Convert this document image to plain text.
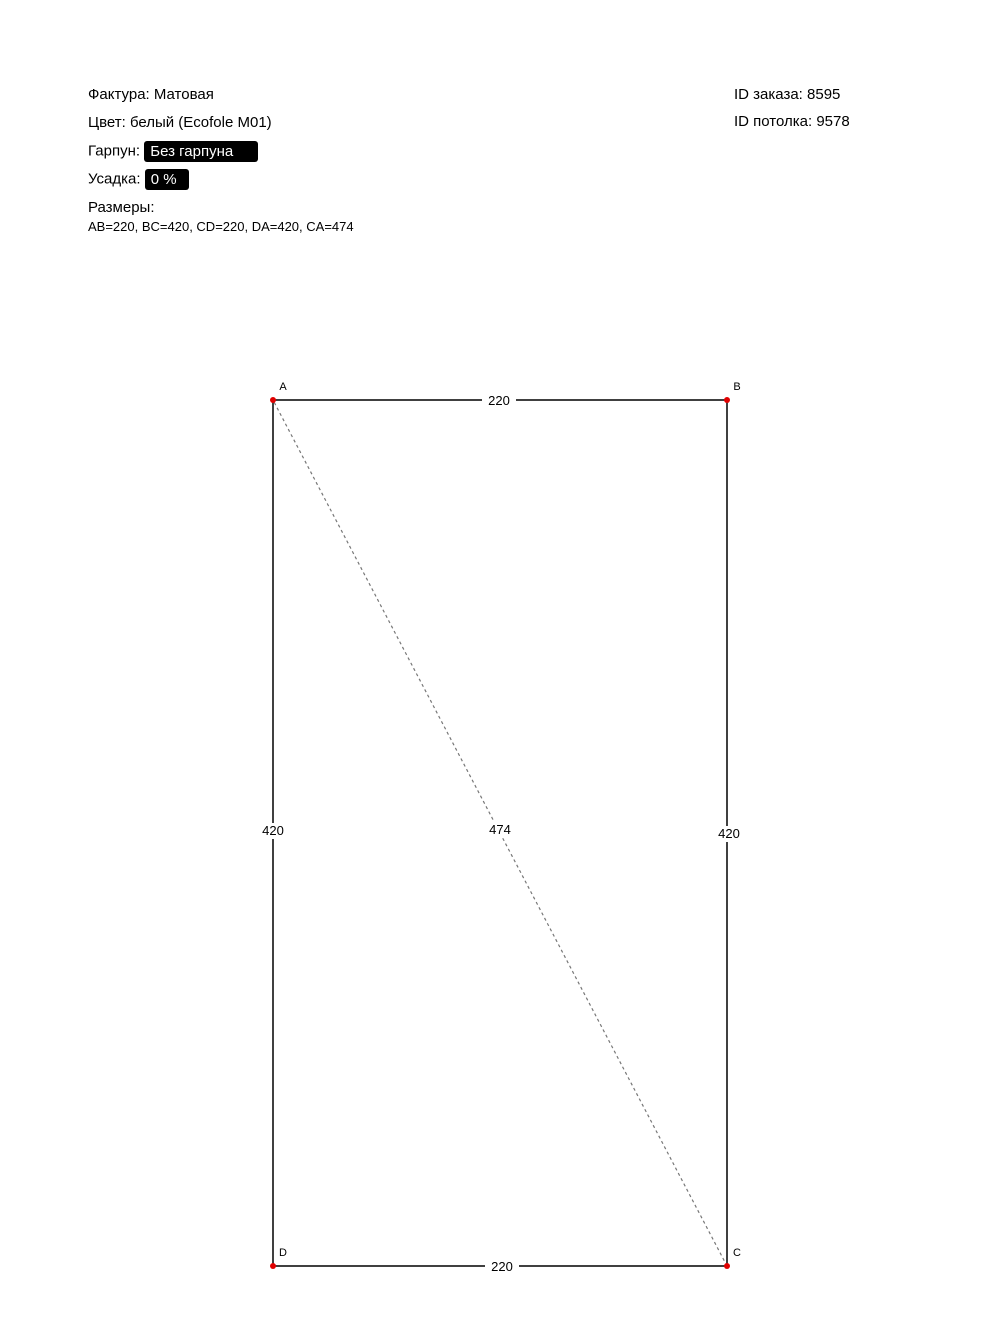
Фактура: Матовая
Цвет: белый (Ecofole M01)
Гарпун: Без гарпуна
Усадка: 0 %
Размеры:
AB=220, BC=420, CD=220, DA=420, CA=474
ID заказа: 8595
ID потолка: 9578
474
220
420
220
420
A	B
C
D
